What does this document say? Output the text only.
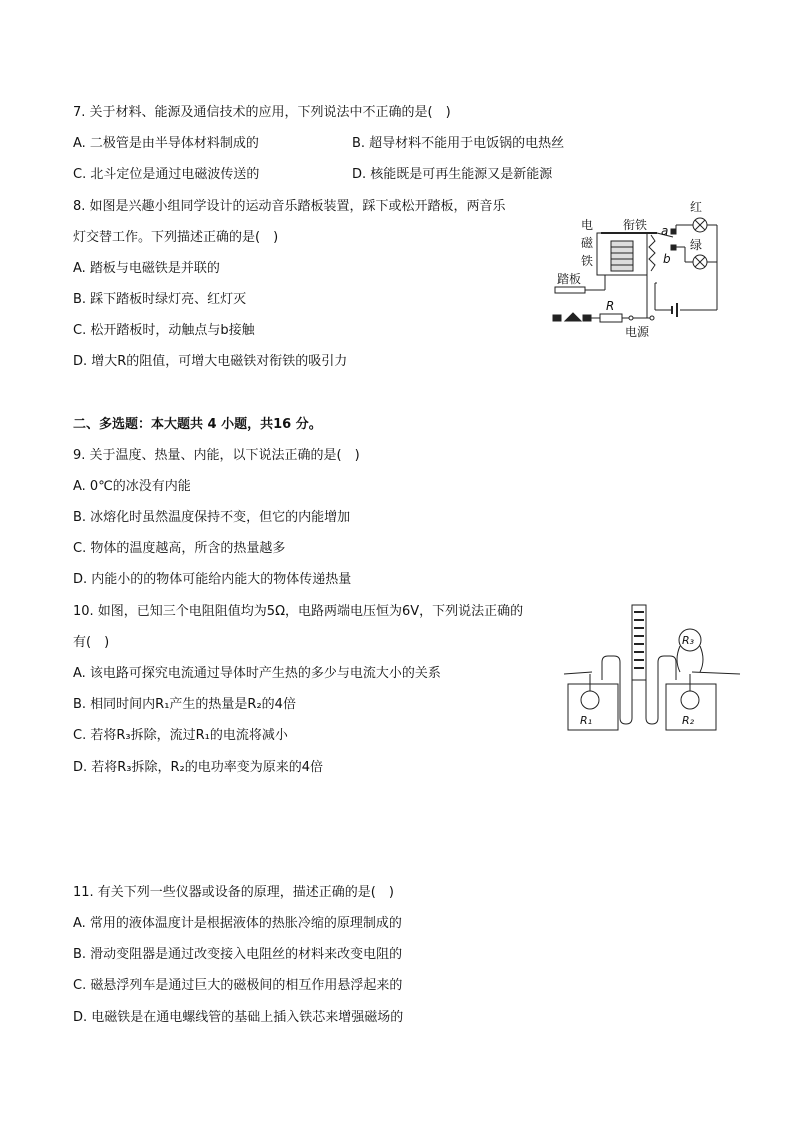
7. 关于材料、能源及通信技术的应用，下列说法中不正确的是(　)
A. 二极管是由半导体材料制成的	B. 超导材料不能用于电饭锅的电热丝
C. 北斗定位是通过电磁波传送的	D. 核能既是可再生能源又是新能源
8. 如图是兴趣小组同学设计的运动音乐踏板装置，踩下或松开踏板，两音乐
灯交替工作。下列描述正确的是(　)
A. 踏板与电磁铁是并联的
B. 踩下踏板时绿灯亮、红灯灭
C. 松开踏板时，动触点与b接触
D. 增大R的阻值，可增大电磁铁对衔铁的吸引力
电
磁
铁
衔铁 a
b
红
绿
踏板
R
电源
二、多选题：本大题共 4 小题，共16 分。
9. 关于温度、热量、内能，以下说法正确的是(　)
A. 0℃的冰没有内能
B. 冰熔化时虽然温度保持不变，但它的内能增加
C. 物体的温度越高，所含的热量越多
D. 内能小的的物体可能给内能大的物体传递热量
10. 如图，已知三个电阻阻值均为5Ω，电路两端电压恒为6V，下列说法正确的
有(　)
A. 该电路可探究电流通过导体时产生热的多少与电流大小的关系
B. 相同时间内R₁产生的热量是R₂的4倍
C. 若将R₃拆除，流过R₁的电流将减小
D. 若将R₃拆除，R₂的电功率变为原来的4倍
R₁	R₂
R₃
11. 有关下列一些仪器或设备的原理，描述正确的是(　)
A. 常用的液体温度计是根据液体的热胀冷缩的原理制成的
B. 滑动变阻器是通过改变接入电阻丝的材料来改变电阻的
C. 磁悬浮列车是通过巨大的磁极间的相互作用悬浮起来的
D. 电磁铁是在通电螺线管的基础上插入铁芯来增强磁场的
